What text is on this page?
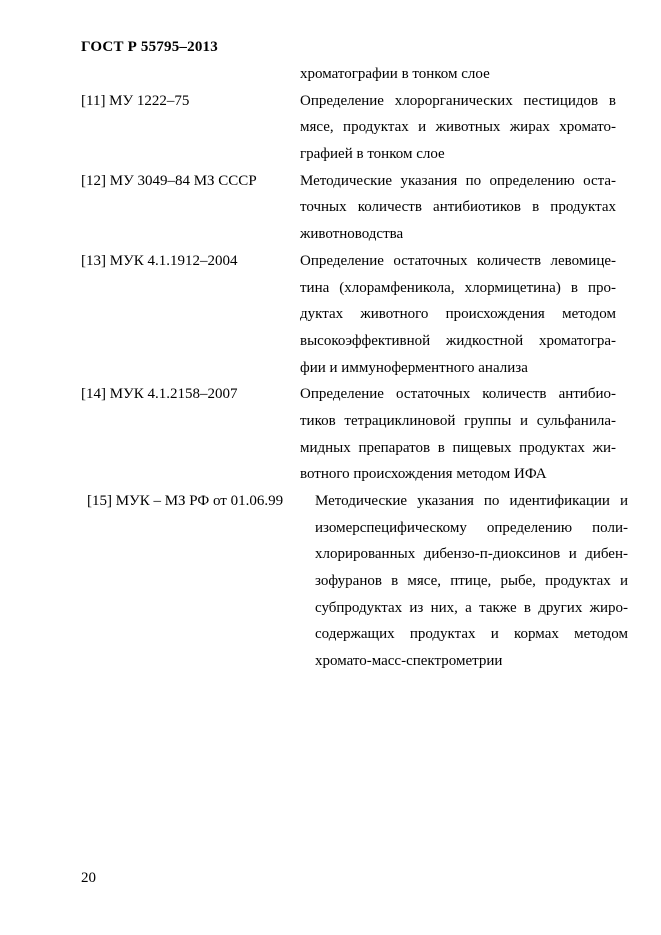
ГОСТ Р 55795–2013
хроматографии в тонком слое
[11] МУ 1222–75	Определение хлорорганических пестицидов в
мясе, продуктах и животных жирах хромато-
графией в тонком слое
[12] МУ 3049–84 МЗ СССР	Методические указания по определению оста-
точных количеств антибиотиков в продуктах
животноводства
[13] МУК 4.1.1912–2004	Определение остаточных количеств левомице-
тина (хлорамфеникола, хлормицетина) в про-
дуктах животного происхождения методом
высокоэффективной жидкостной хроматогра-
фии и иммуноферментного анализа
[14] МУК 4.1.2158–2007	Определение остаточных количеств антибио-
тиков тетрациклиновой группы и сульфанила-
мидных препаратов в пищевых продуктах жи-
вотного происхождения методом ИФА
[15] МУК – МЗ РФ от 01.06.99	Методические указания по идентификации и
изомерспецифическому определению поли-
хлорированных дибензо-п-диоксинов и дибен-
зофуранов в мясе, птице, рыбе, продуктах и
субпродуктах из них, а также в других жиро-
содержащих продуктах и кормах методом
хромато-масс-спектрометрии
20
